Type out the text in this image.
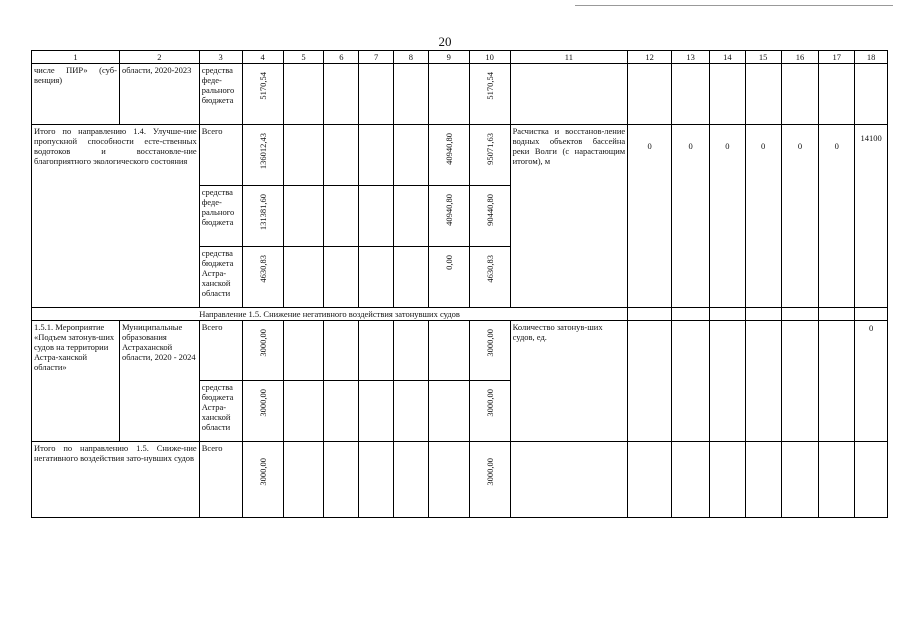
20
1	2	3	4	5	6	7	8	9	10	11	12	13	14	15	16	17	18
числе ПИР» (суб-венция)	области, 2020-2023	средства феде-рального бюджета	5170,54						5170,54								

Итого по направлению 1.4. Улучше-ние пропускной способности есте-ственных водотоков и восстановле-ние благоприятного экологического состояния		Всего	136012,43					40940,80	95071,63	Расчистка и восстанов-ление водных объектов бассейна реки Волги (с нарастающим итогом), м	0	0	0	0	0	0	14100
		средства феде-рального бюджета	131381,60					40940,80	90440,80								

		средства бюджета Астра-ханской области	4630,83					0,00	4630,83								

Направление 1.5. Снижение негативного воздействия затонувших судов																	
1.5.1. Мероприятие «Подъем затонув-ших судов на территории Астра-ханской области»	Муниципальные образования Астраханской области, 2020 - 2024	Всего	3000,00						3000,00	Количество затонув-ших судов, ед.							0
		средства бюджета Астра-ханской области	3000,00						3000,00								

Итого по направлению 1.5. Сниже-ние негативного воздействия зато-нувших судов		Всего	3000,00						3000,00								
